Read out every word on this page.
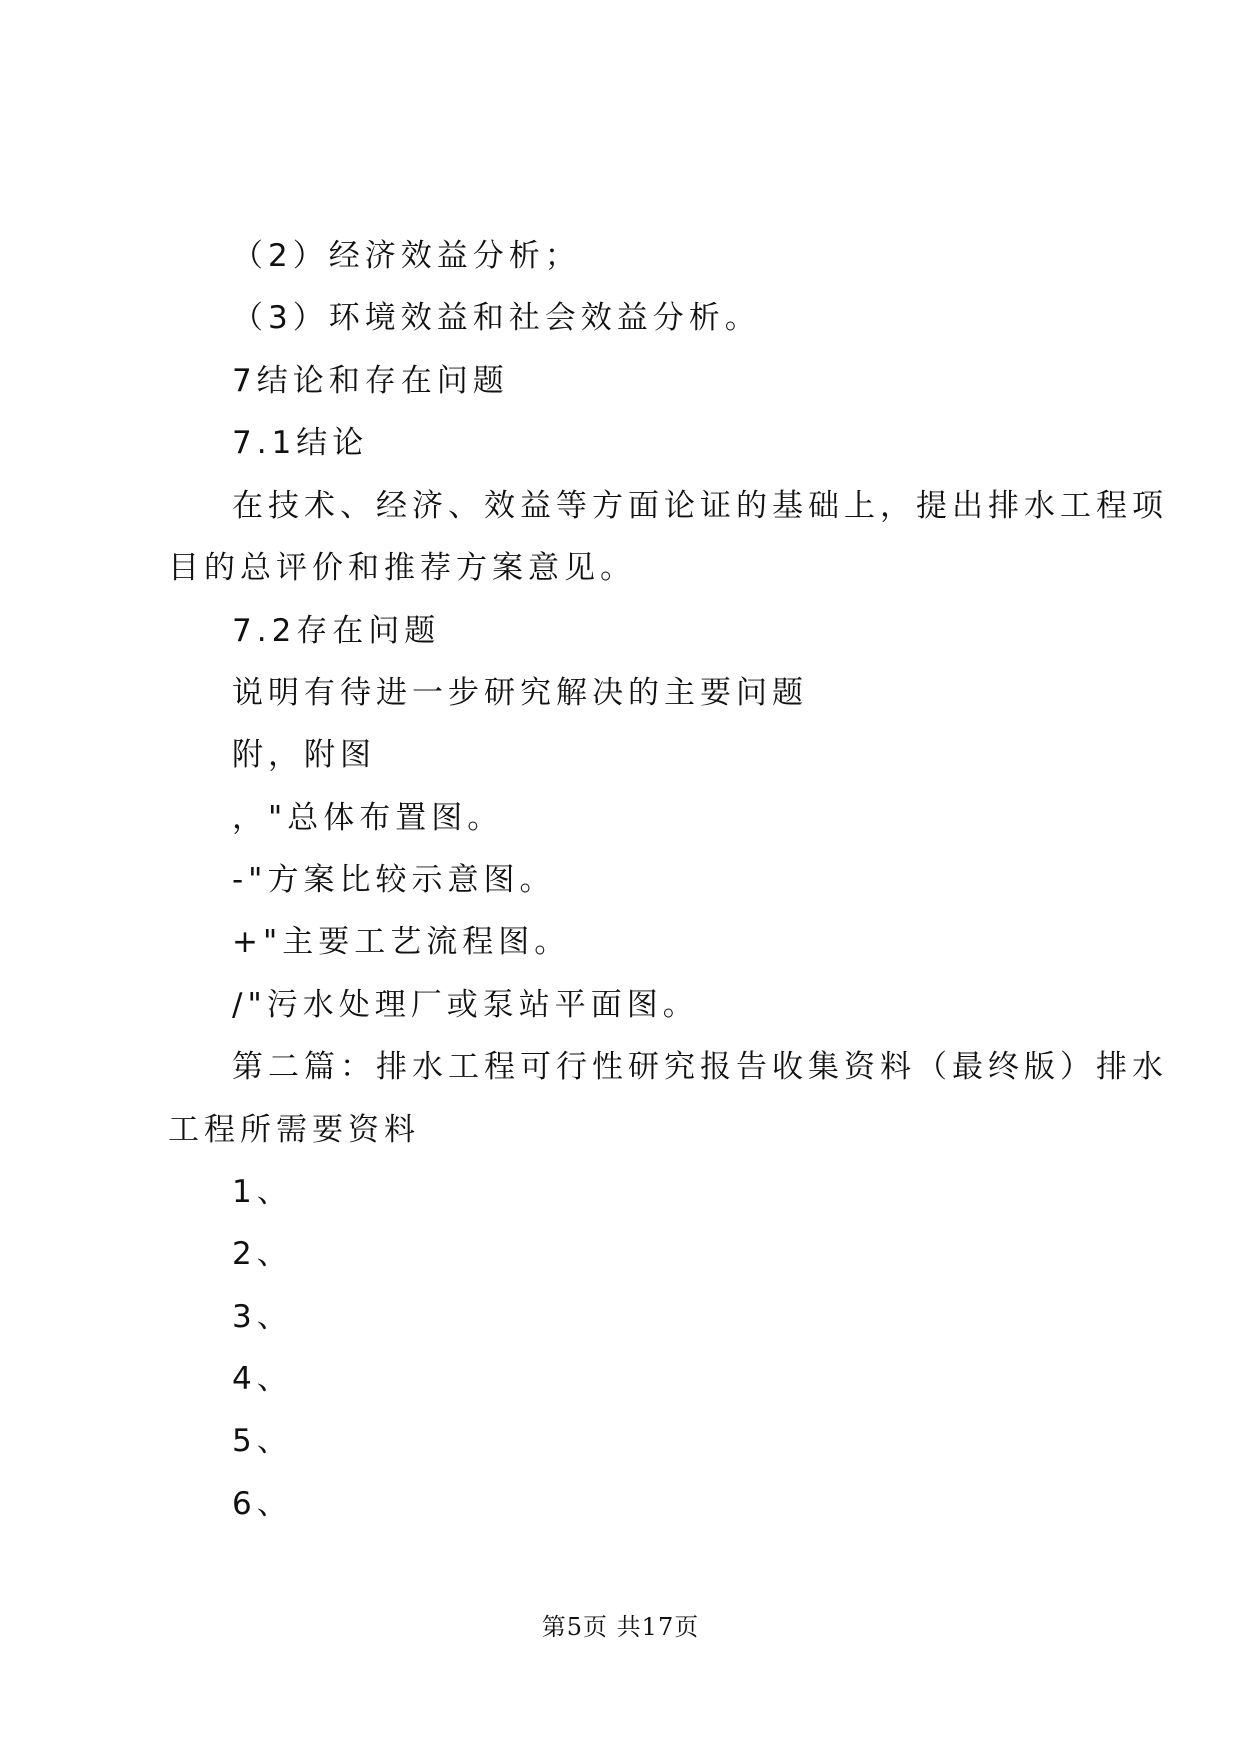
（2）经济效益分析；
（3）环境效益和社会效益分析。
7结论和存在问题
7.1结论
在技术、经济、效益等方面论证的基础上，提出排水工程项
目的总评价和推荐方案意见。
7.2存在问题
说明有待进一步研究解决的主要问题
附，附图
，"总体布置图。
-"方案比较示意图。
+"主要工艺流程图。
/"污水处理厂或泵站平面图。
第二篇：排水工程可行性研究报告收集资料（最终版）排水
工程所需要资料
1、
2、
3、
4、
5、
6、
第5页 共17页
